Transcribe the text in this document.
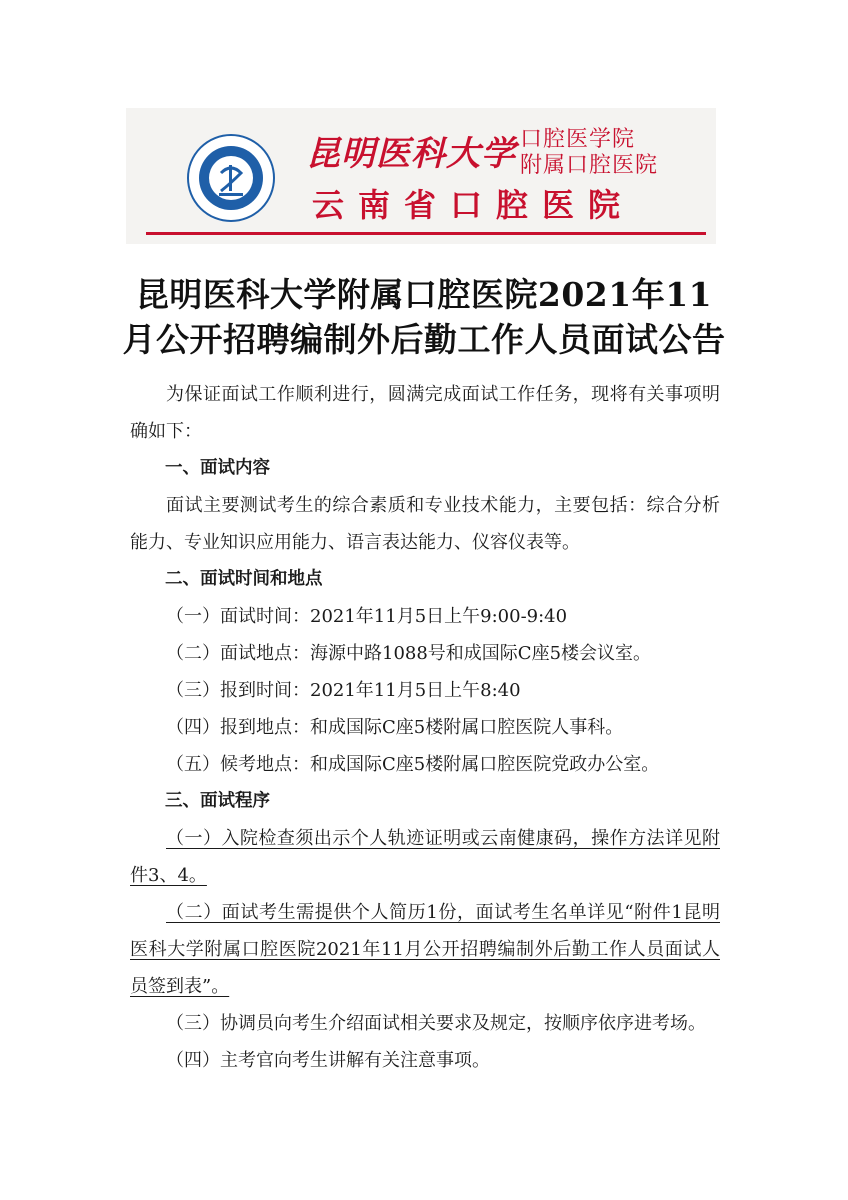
昆明医科大学 口腔医学院
附属口腔医院
云南省口腔医院
昆明医科大学附属口腔医院2021年11月公开招聘编制外后勤工作人员面试公告

为保证面试工作顺利进行，圆满完成面试工作任务，现将有关事项明确如下：

一、面试内容

面试主要测试考生的综合素质和专业技术能力，主要包括：综合分析能力、专业知识应用能力、语言表达能力、仪容仪表等。

二、面试时间和地点

（一）面试时间：2021年11月5日上午9:00-9:40

（二）面试地点：海源中路1088号和成国际C座5楼会议室。

（三）报到时间：2021年11月5日上午8:40

（四）报到地点：和成国际C座5楼附属口腔医院人事科。

（五）候考地点：和成国际C座5楼附属口腔医院党政办公室。

三、面试程序

（一）入院检查须出示个人轨迹证明或云南健康码，操作方法详见附件3、4。

（二）面试考生需提供个人简历1份，面试考生名单详见“附件1昆明医科大学附属口腔医院2021年11月公开招聘编制外后勤工作人员面试人员签到表”。

（三）协调员向考生介绍面试相关要求及规定，按顺序依序进考场。

（四）主考官向考生讲解有关注意事项。
